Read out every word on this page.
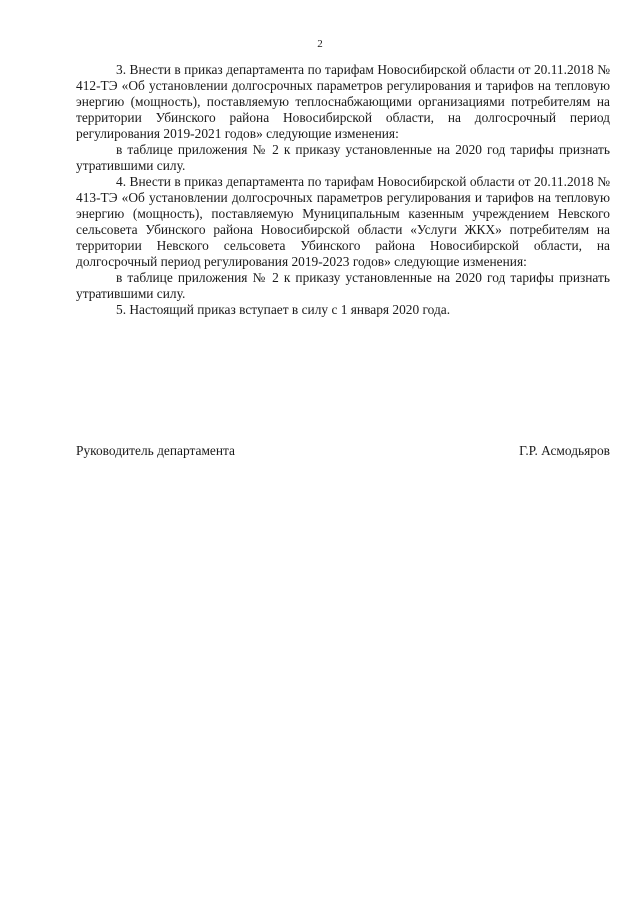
2

3. Внести в приказ департамента по тарифам Новосибирской области от 20.11.2018 № 412-ТЭ «Об установлении долгосрочных параметров регулирования и тарифов на тепловую энергию (мощность), поставляемую теплоснабжающими организациями потребителям на территории Убинского района Новосибирской области, на долгосрочный период регулирования 2019-2021 годов» следующие изменения:

в таблице приложения № 2 к приказу установленные на 2020 год тарифы признать утратившими силу.

4. Внести в приказ департамента по тарифам Новосибирской области от 20.11.2018 № 413-ТЭ «Об установлении долгосрочных параметров регулирования и тарифов на тепловую энергию (мощность), поставляемую Муниципальным казенным учреждением Невского сельсовета Убинского района Новосибирской области «Услуги ЖКХ» потребителям на территории Невского сельсовета Убинского района Новосибирской области, на долгосрочный период регулирования 2019-2023 годов» следующие изменения:

в таблице приложения № 2 к приказу установленные на 2020 год тарифы признать утратившими силу.

5. Настоящий приказ вступает в силу с 1 января 2020 года.

Руководитель департамента	Г.Р. Асмодьяров
